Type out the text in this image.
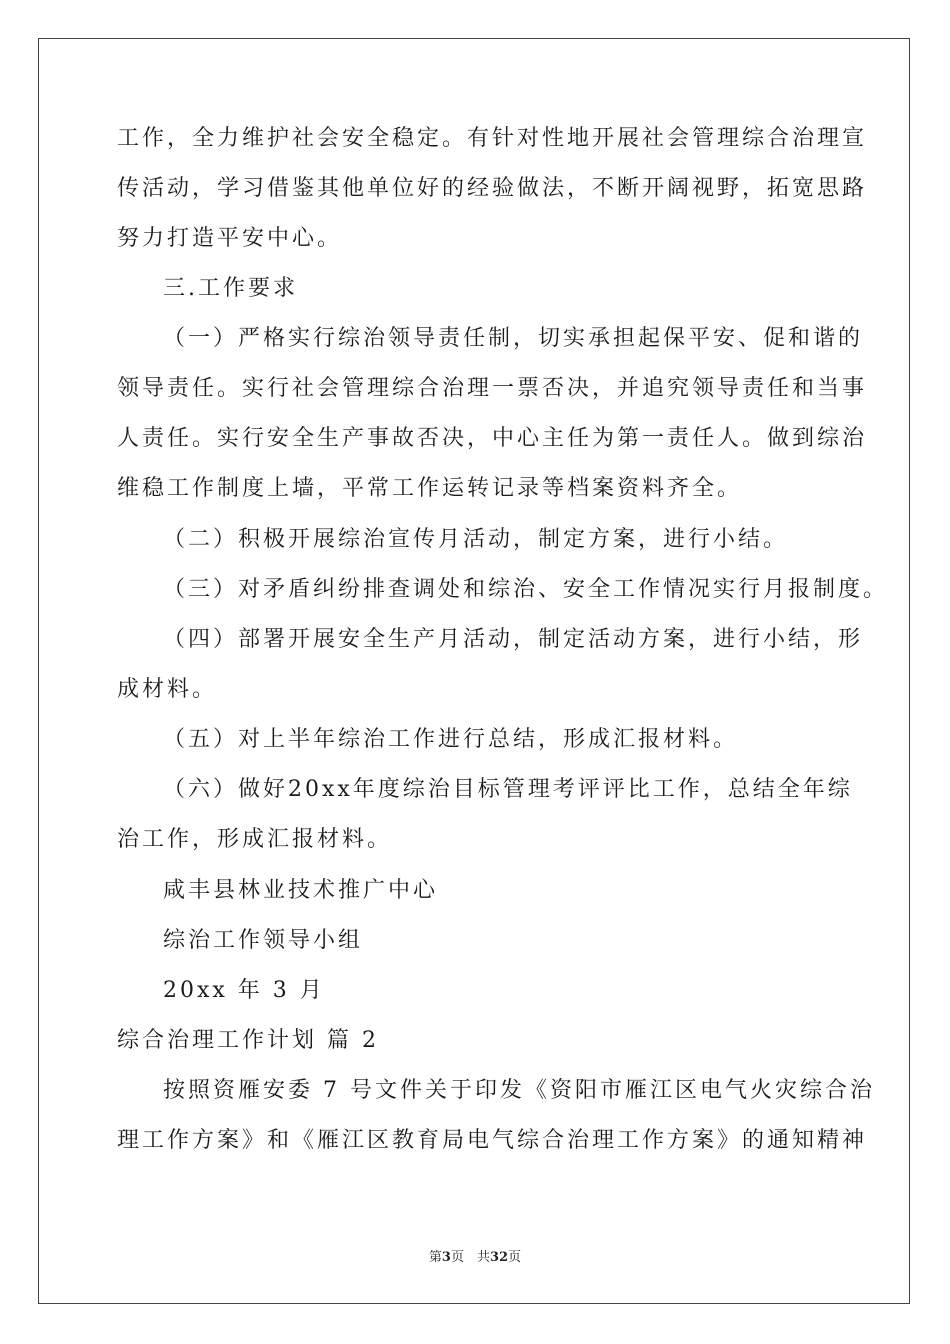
工作，全力维护社会安全稳定。有针对性地开展社会管理综合治理宣
传活动，学习借鉴其他单位好的经验做法，不断开阔视野，拓宽思路
努力打造平安中心。
三.工作要求
（一）严格实行综治领导责任制，切实承担起保平安、促和谐的
领导责任。实行社会管理综合治理一票否决，并追究领导责任和当事
人责任。实行安全生产事故否决，中心主任为第一责任人。做到综治
维稳工作制度上墙，平常工作运转记录等档案资料齐全。
（二）积极开展综治宣传月活动，制定方案，进行小结。
（三）对矛盾纠纷排查调处和综治、安全工作情况实行月报制度。
（四）部署开展安全生产月活动，制定活动方案，进行小结，形
成材料。
（五）对上半年综治工作进行总结，形成汇报材料。
（六）做好20xx年度综治目标管理考评评比工作，总结全年综
治工作，形成汇报材料。
咸丰县林业技术推广中心
综治工作领导小组
20xx 年 3 月
综合治理工作计划 篇 2
按照资雁安委 7 号文件关于印发《资阳市雁江区电气火灾综合治
理工作方案》和《雁江区教育局电气综合治理工作方案》的通知精神
第3页　共32页
